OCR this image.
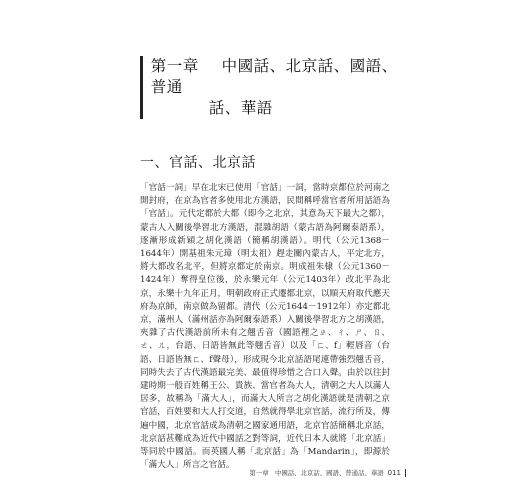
第一章 中國話、北京話、國語、普通
話、華語
一、官話、北京話

「官話一詞」早在北宋已使用「官話」一詞，當時京都位於河南之開封府，在京為官者多使用北方漢語，民間稱呼當官者所用話語為「官話」。元代定都於大都（即今之北京，其意為天下最大之都），蒙古人入關後學習北方漢語，混雜胡語（蒙古語為阿爾泰語系），逐漸形成新穎之胡化漢語（簡稱胡漢語）。明代（公元1368－1644年）開基祖朱元璋（明太祖）趕走關內蒙古人，平定北方，將大都改名北平，但將京都定於南京。明成祖朱棣（公元1360－1424年）奪得皇位後，於永樂元年（公元1403年）改北平為北京，永樂十九年正月，明朝政府正式遷都北京，以順天府取代應天府為京師，南京做為留都。清代（公元1644－1912年）亦定都北京，滿州人（滿州話亦為阿爾泰語系）入關後學習北方之胡漢語，夾雜了古代漢語前所未有之翹舌音（國語裡之ㄓ、ㄔ、ㄕ、ㄖ、ㄜ、ㄦ，台語、日語皆無此等翹舌音）以及「ㄈ、f」輕唇音（台語、日語皆無ㄈ、f聲母），形成現今北京話語尾連帶強烈翹舌音，同時失去了古代漢語最完美、最值得珍惜之合口入聲。由於以往封建時期一般百姓稱王公、貴族、當官者為大人，清朝之大人以滿人居多，故稱為「滿大人」，而滿大人所言之胡化漢語就是清朝之京官話，百姓要和大人打交道，自然就得學北京官話，流行所及，傳遍中國，北京官話成為清朝之國家通用語，北京官話簡稱北京話，北京話甚難成為近代中國話之對等詞，近代日本人就將「北京話」等同於中國話。而英國人稱「北京話」為「Mandarin」，即源於「滿大人」所言之官話。

第一章　中國話、北京話、國語、普通話、華語 011
